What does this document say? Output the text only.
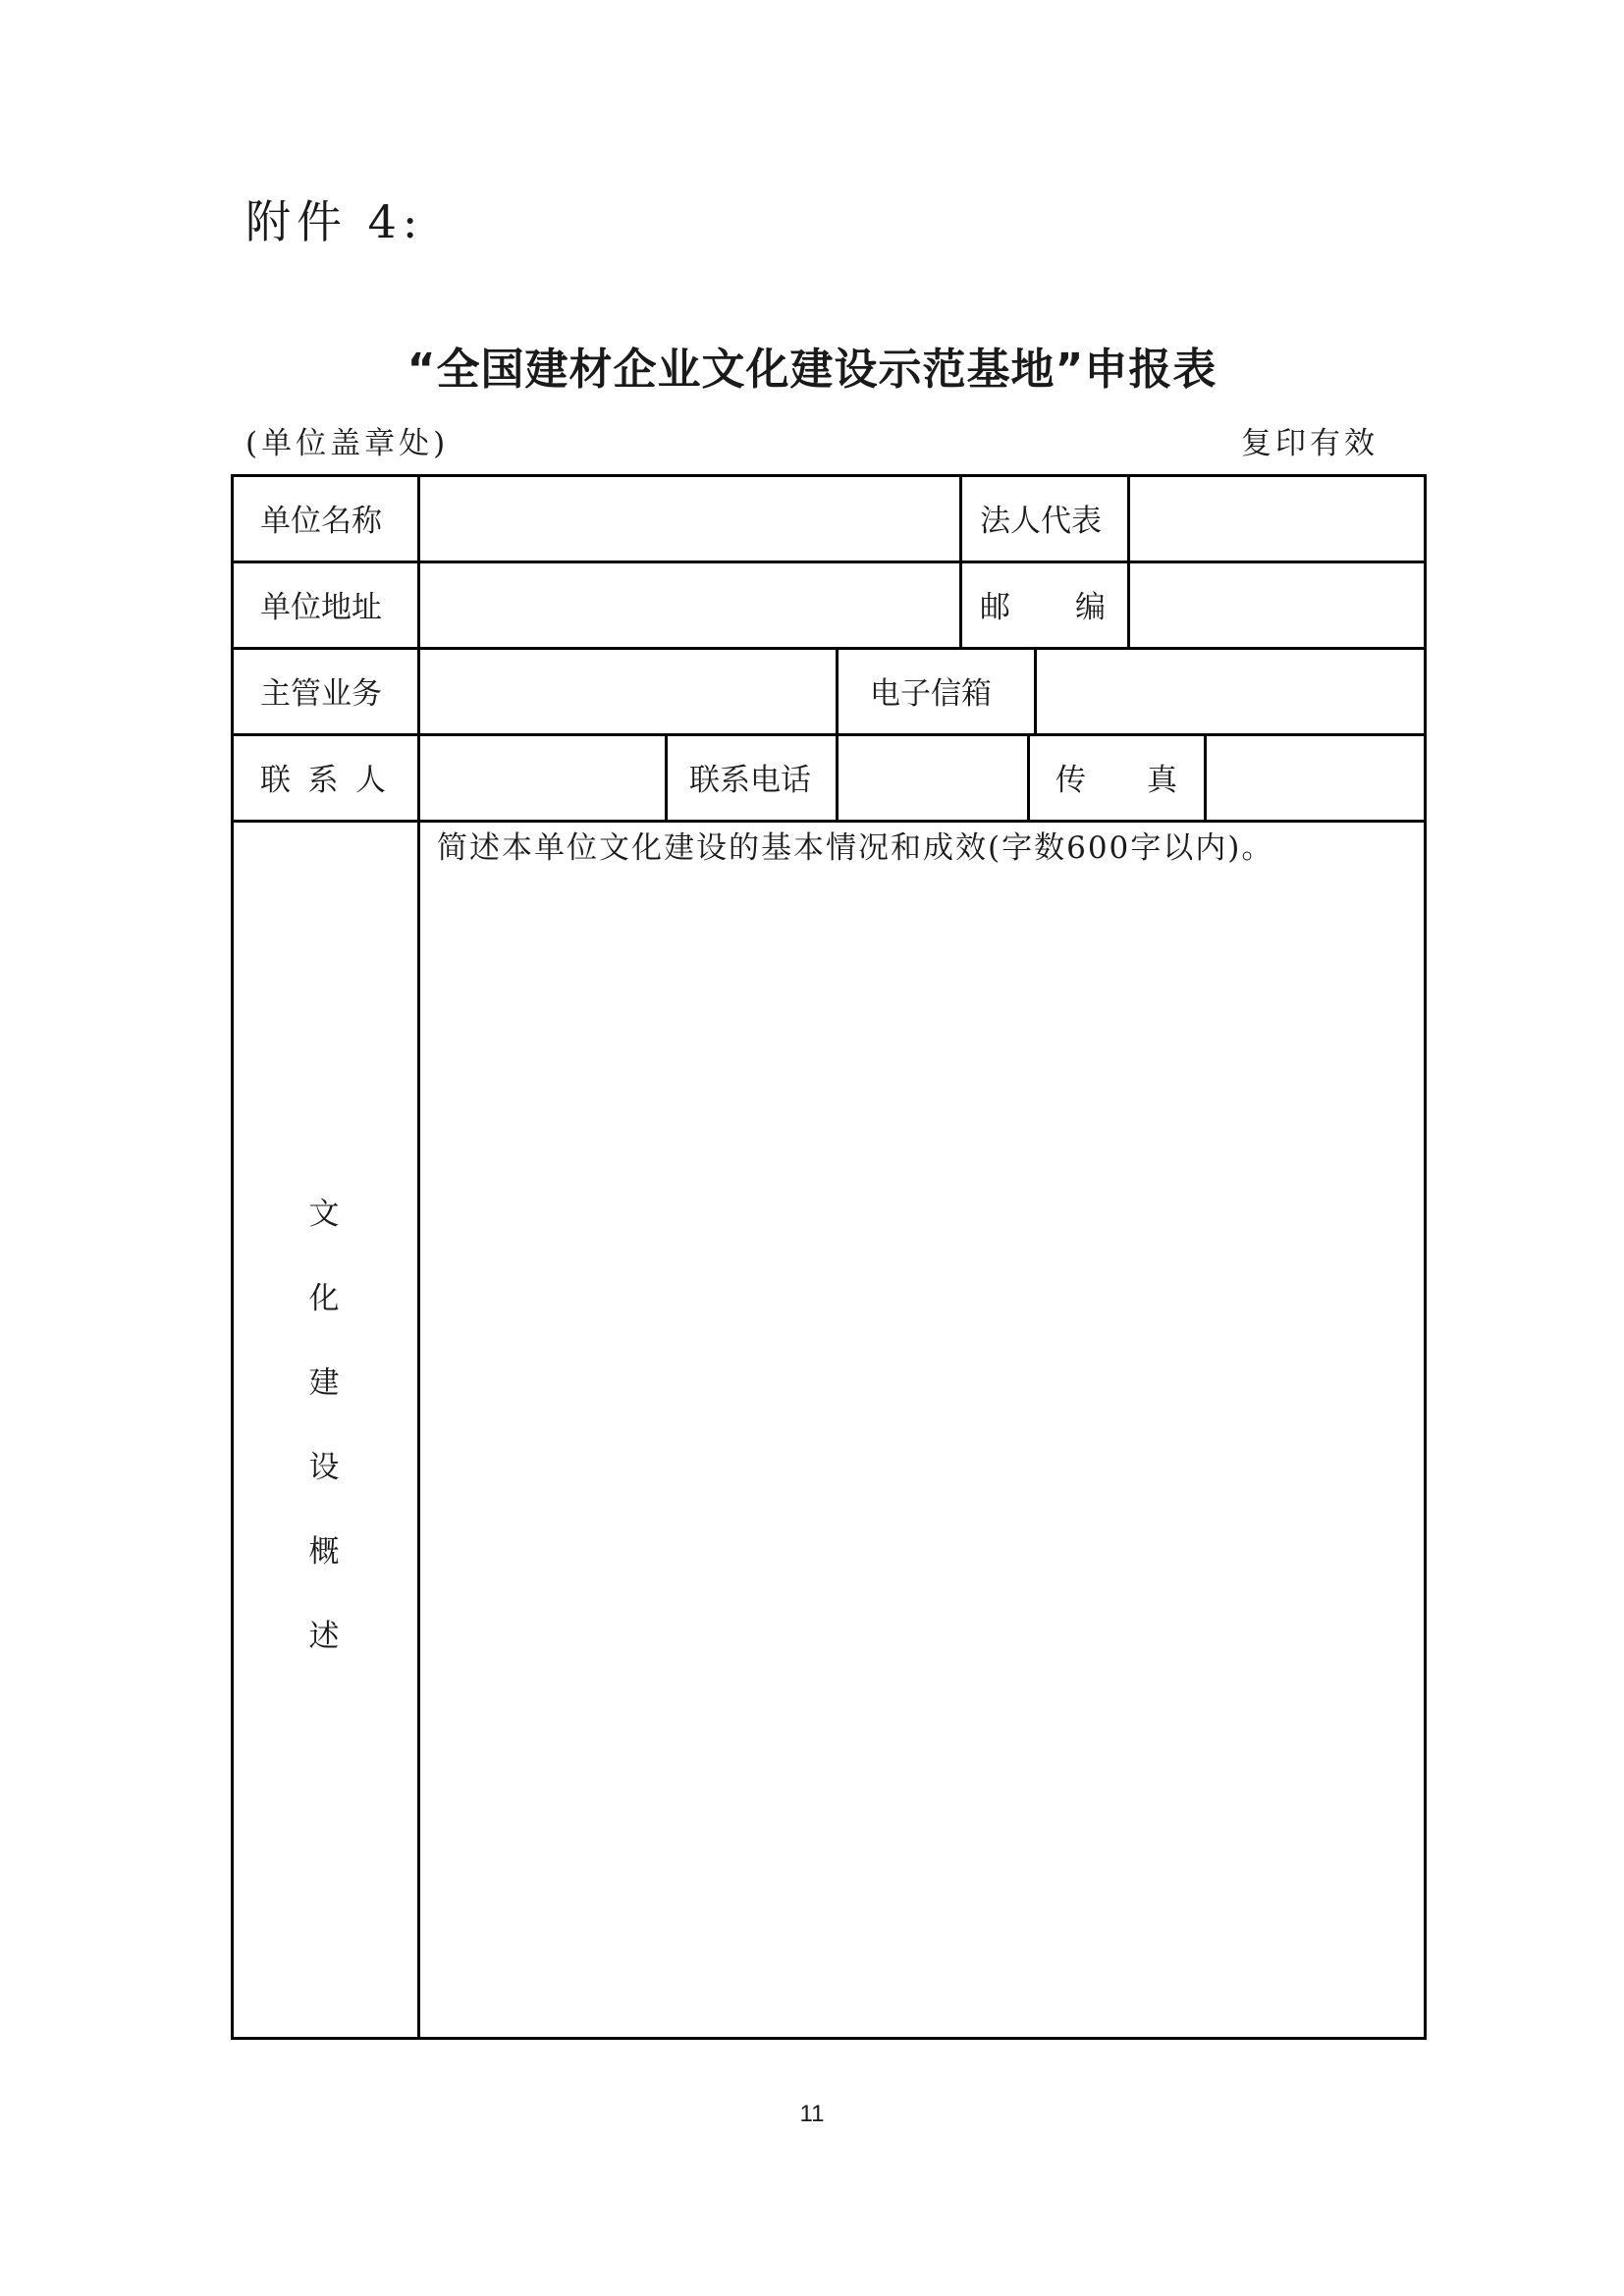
附件 4:
“全国建材企业文化建设示范基地”申报表
(单位盖章处)	复印有效
单位名称	法人代表
单位地址	邮 编
主管业务	电子信箱
联 系 人	联系电话	传 真
文
化
建
设
概
述
简述本单位文化建设的基本情况和成效(字数600字以内)。
11
